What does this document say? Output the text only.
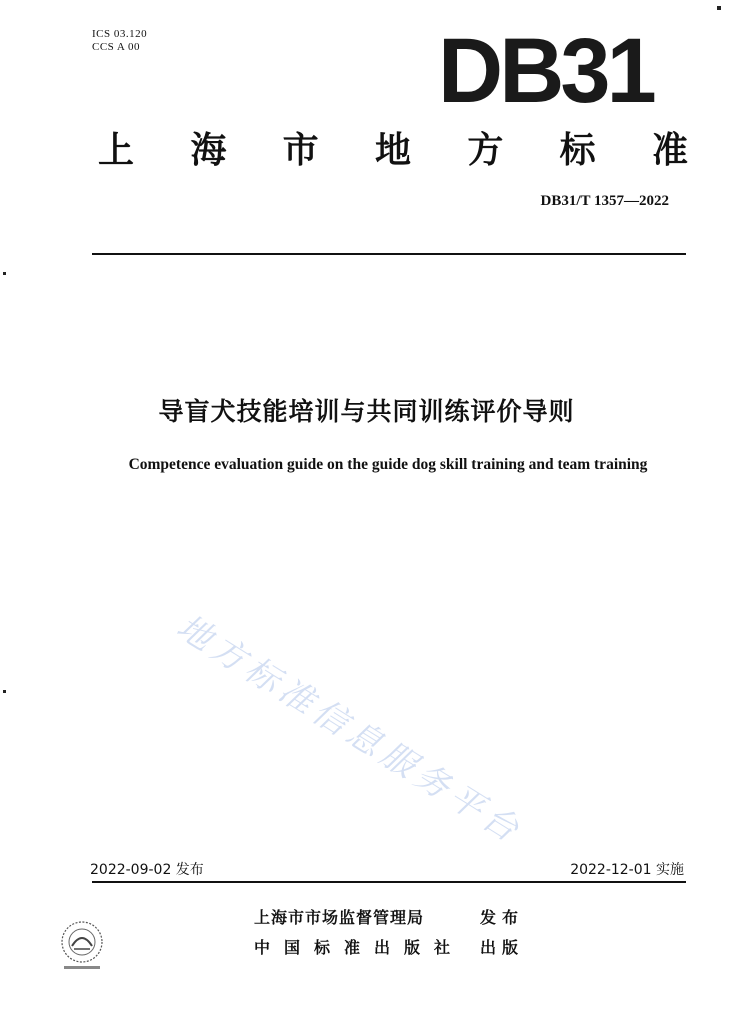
ICS 03.120
CCS A 00	DB31
上 海 市 地 方 标 准
DB31/T 1357—2022
导盲犬技能培训与共同训练评价导则
Competence evaluation guide on the guide dog skill training and team training
地方标准信息服务平台
2022-09-02 发布	2022-12-01 实施
上海市市场监督管理局	发布
中国标准出版社 出版
